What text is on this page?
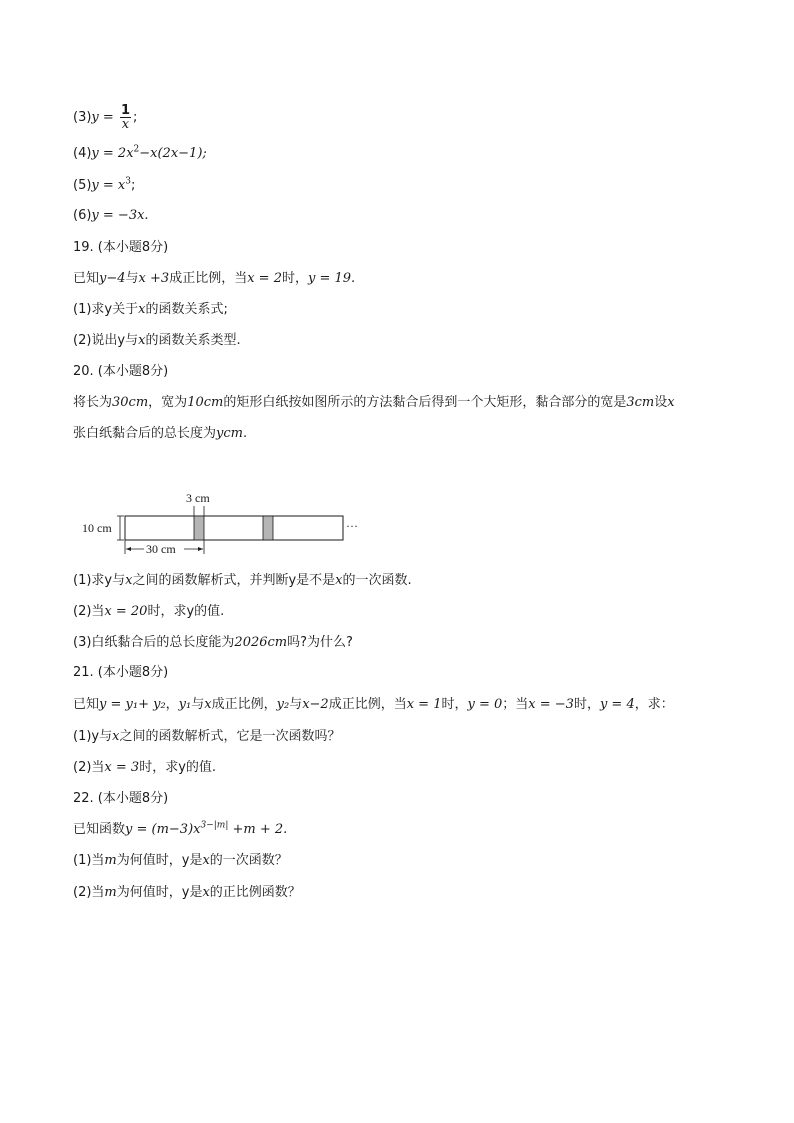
$(3)y = \frac{1}{x}$ ;
$(4)y = 2x^2-x(2x-1)$;
$(5)y = x^3$;
(6)y = −3x.
19. (本小题8分)
已知y−4与x +3成正比例，当x = 2时，y = 19.
(1)求y关于x的函数关系式;
(2)说出y与x的函数关系类型.
20. (本小题8分)
将长为30cm，宽为10cm的矩形白纸按如图所示的方法黏合后得到一个大矩形，黏合部分的宽是3cm设x
张白纸黏合后的总长度为ycm.
3 cm
···
10 cm
30 cm
(1)求y与x之间的函数解析式，并判断y是不是x的一次函数.
(2)当x = 20时，求y的值.
(3)白纸黏合后的总长度能为2026cm吗?为什么?
21. (本小题8分)
已知y = y₁+ y₂，y₁与x成正比例，y₂与x−2成正比例，当x = 1时，y = 0；当x = −3时，y = 4，求：
(1)y与x之间的函数解析式，它是一次函数吗？
(2)当x = 3时，求y的值.
22. (本小题8分)
已知函数$y = (m-3)x^{3-|m|} +m + 2$.
(1)当m为何值时，y是x的一次函数？
(2)当m为何值时，y是x的正比例函数？
